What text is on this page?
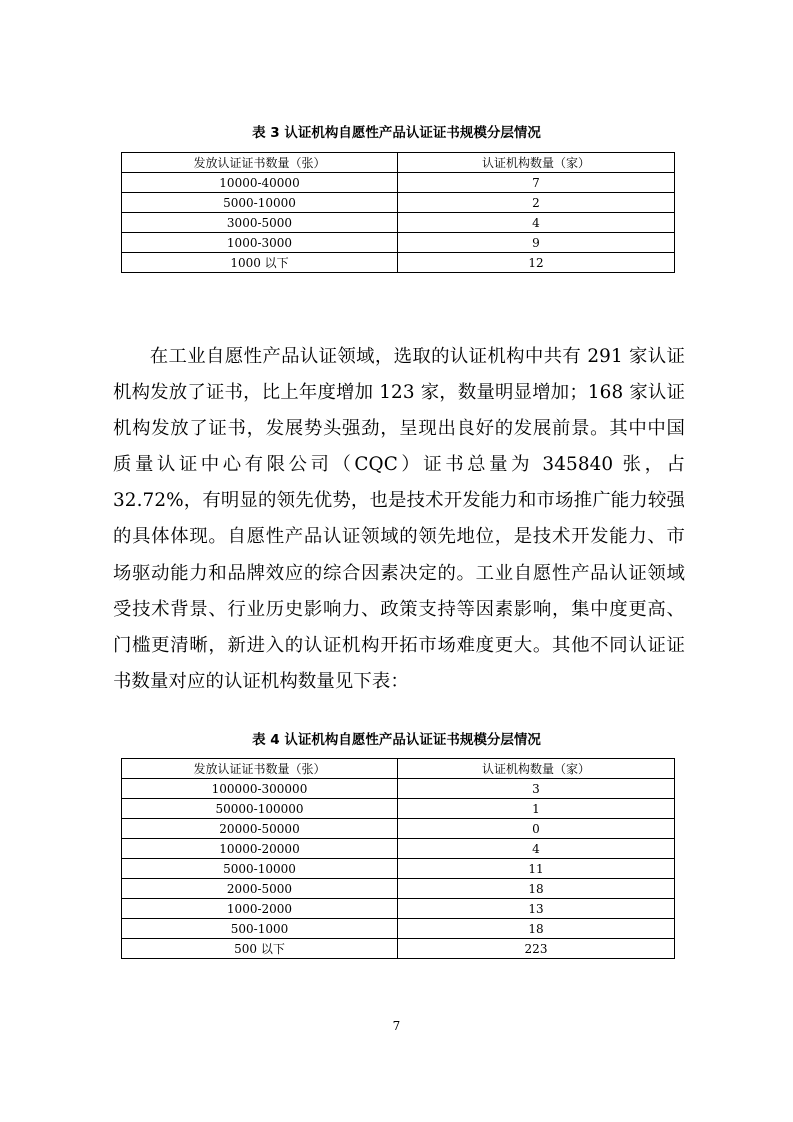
表 3 认证机构自愿性产品认证证书规模分层情况
发放认证证书数量（张）	认证机构数量（家）
10000-40000	7
5000-10000	2
3000-5000	4
1000-3000	9
1000 以下	12

在工业自愿性产品认证领域，选取的认证机构中共有 291 家认证机构发放了证书，比上年度增加 123 家，数量明显增加；168 家认证机构发放了证书，发展势头强劲，呈现出良好的发展前景。其中中国质量认证中心有限公司（CQC）证书总量为 345840 张，占 32.72%，有明显的领先优势，也是技术开发能力和市场推广能力较强的具体体现。自愿性产品认证领域的领先地位，是技术开发能力、市场驱动能力和品牌效应的综合因素决定的。工业自愿性产品认证领域受技术背景、行业历史影响力、政策支持等因素影响，集中度更高、门槛更清晰，新进入的认证机构开拓市场难度更大。其他不同认证证书数量对应的认证机构数量见下表：

表 4 认证机构自愿性产品认证证书规模分层情况
发放认证证书数量（张）	认证机构数量（家）
100000-300000	3
50000-100000	1
20000-50000	0
10000-20000	4
5000-10000	11
2000-5000	18
1000-2000	13
500-1000	18
500 以下	223
7
